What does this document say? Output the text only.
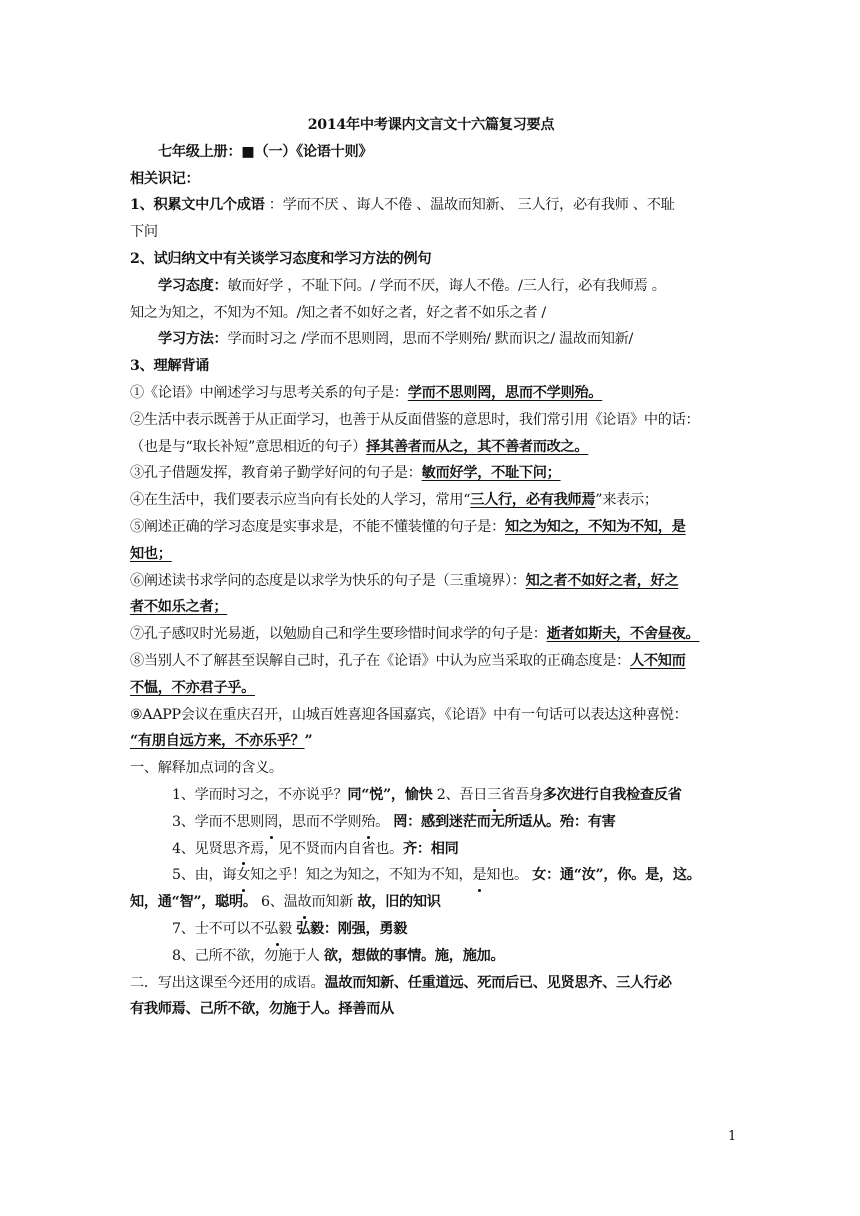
2014年中考课内文言文十六篇复习要点
七年级上册：■（一）《论语十则》
相关识记：
1、积累文中几个成语 ：学而不厌 、诲人不倦 、温故而知新、 三人行，必有我师 、不耻
下问
2、试归纳文中有关谈学习态度和学习方法的例句
学习态度：敏而好学 ，不耻下问。/ 学而不厌，诲人不倦。/三人行，必有我师焉 。
知之为知之，不知为不知。/知之者不如好之者，好之者不如乐之者 /
学习方法：学而时习之 /学而不思则罔，思而不学则殆/ 默而识之/ 温故而知新/
3、理解背诵
①《论语》中阐述学习与思考关系的句子是：学而不思则罔，思而不学则殆。
②生活中表示既善于从正面学习，也善于从反面借鉴的意思时，我们常引用《论语》中的话：
（也是与“取长补短”意思相近的句子）择其善者而从之，其不善者而改之。
③孔子借题发挥，教育弟子勤学好问的句子是：敏而好学，不耻下问；
④在生活中，我们要表示应当向有长处的人学习，常用“三人行，必有我师焉”来表示；
⑤阐述正确的学习态度是实事求是，不能不懂装懂的句子是：知之为知之，不知为不知，是
知也；
⑥阐述读书求学问的态度是以求学为快乐的句子是（三重境界）：知之者不如好之者，好之
者不如乐之者；
⑦孔子感叹时光易逝，以勉励自己和学生要珍惜时间求学的句子是：逝者如斯夫，不舍昼夜。
⑧当别人不了解甚至误解自己时，孔子在《论语》中认为应当采取的正确态度是：人不知而
不愠，不亦君子乎。
⑨AAPP会议在重庆召开，山城百姓喜迎各国嘉宾，《论语》中有一句话可以表达这种喜悦：
“有朋自远方来，不亦乐乎？”
一、解释加点词的含义。
1、学而时习之，不亦说乎？同“悦”，愉快 2、吾日三省吾身多次进行自我检查反省
3、学而不思则罔，思而不学则殆。 罔：感到迷茫而无所适从。殆：有害
4、见贤思齐焉，见不贤而内自省也。齐：相同
5、由，诲女知之乎！知之为知之，不知为不知，是知也。 女：通“汝”，你。是，这。
知，通“智”，聪明。 6、温故而知新 故，旧的知识
7、士不可以不弘毅 弘毅：刚强，勇毅
8、己所不欲，勿施于人 欲，想做的事情。施，施加。
二．写出这课至今还用的成语。温故而知新、任重道远、死而后已、见贤思齐、三人行必
有我师焉、己所不欲，勿施于人。择善而从
1
